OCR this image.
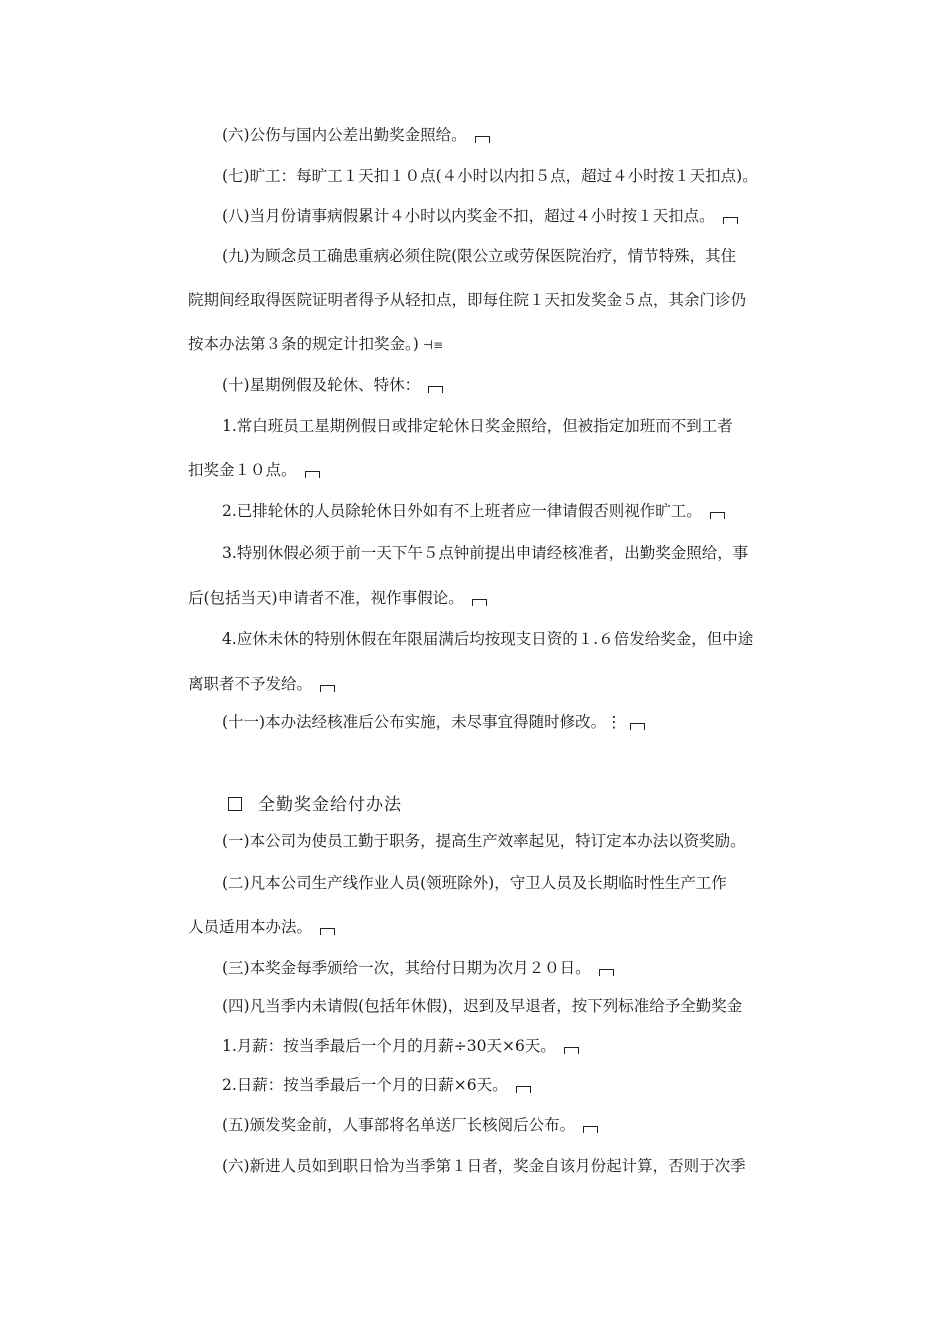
(六)公伤与国内公差出勤奖金照给。
(七)旷工：每旷工１天扣１０点(４小时以内扣５点，超过４小时按１天扣点)。
(八)当月份请事病假累计４小时以内奖金不扣，超过４小时按１天扣点。
(九)为顾念员工确患重病必须住院(限公立或劳保医院治疗，情节特殊，其住
院期间经取得医院证明者得予从轻扣点，即每住院１天扣发奖金５点，其余门诊仍
按本办法第３条的规定计扣奖金。) ⊣≡
(十)星期例假及轮休、特休：
1.常白班员工星期例假日或排定轮休日奖金照给，但被指定加班而不到工者
扣奖金１０点。
2.已排轮休的人员除轮休日外如有不上班者应一律请假否则视作旷工。
3.特别休假必须于前一天下午５点钟前提出申请经核准者，出勤奖金照给，事
后(包括当天)申请者不准，视作事假论。
4.应休未休的特别休假在年限届满后均按现支日资的１.６倍发给奖金，但中途
离职者不予发给。
(十一)本办法经核准后公布实施，未尽事宜得随时修改。⋮
全勤奖金给付办法
(一)本公司为使员工勤于职务，提高生产效率起见，特订定本办法以资奖励。
(二)凡本公司生产线作业人员(领班除外)，守卫人员及长期临时性生产工作
人员适用本办法。
(三)本奖金每季颁给一次，其给付日期为次月２０日。
(四)凡当季内未请假(包括年休假)，迟到及早退者，按下列标准给予全勤奖金
1.月薪：按当季最后一个月的月薪÷30天×6天。
2.日薪：按当季最后一个月的日薪×6天。
(五)颁发奖金前，人事部将名单送厂长核阅后公布。
(六)新进人员如到职日恰为当季第１日者，奖金自该月份起计算，否则于次季
